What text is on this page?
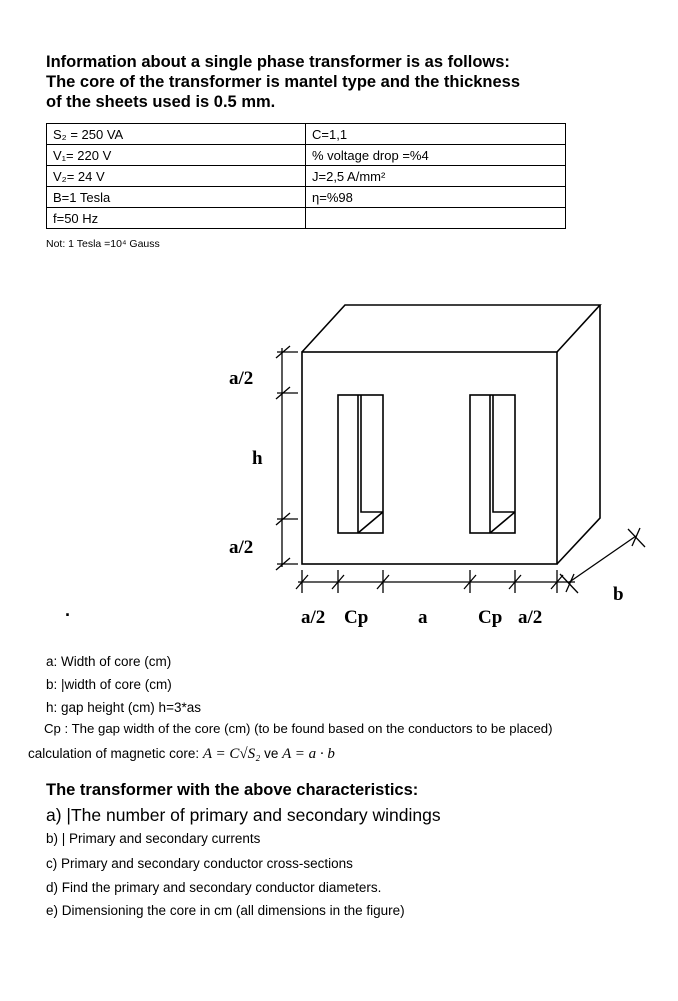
Information about a single phase transformer is as follows:
The core of the transformer is mantel type and the thickness
of the sheets used is 0.5 mm.
S₂ = 250 VA	C=1,1
V₁= 220 V	% voltage drop =%4
V₂= 24 V	J=2,5 A/mm²
B=1 Tesla	η=%98
f=50 Hz	
Not: 1 Tesla =10⁴ Gauss
a/2
h
a/2
b
a/2 Cp	a	Cp a/2
.
a: Width of core (cm)
b: |width of core (cm)
h: gap height (cm) h=3*as
Cp : The gap width of the core (cm) (to be found based on the conductors to be placed)
calculation of magnetic core: A = C√S₂ ve A = a · b
The transformer with the above characteristics:
a) |The number of primary and secondary windings
b) | Primary and secondary currents
c) Primary and secondary conductor cross-sections
d) Find the primary and secondary conductor diameters.
e) Dimensioning the core in cm (all dimensions in the figure)
